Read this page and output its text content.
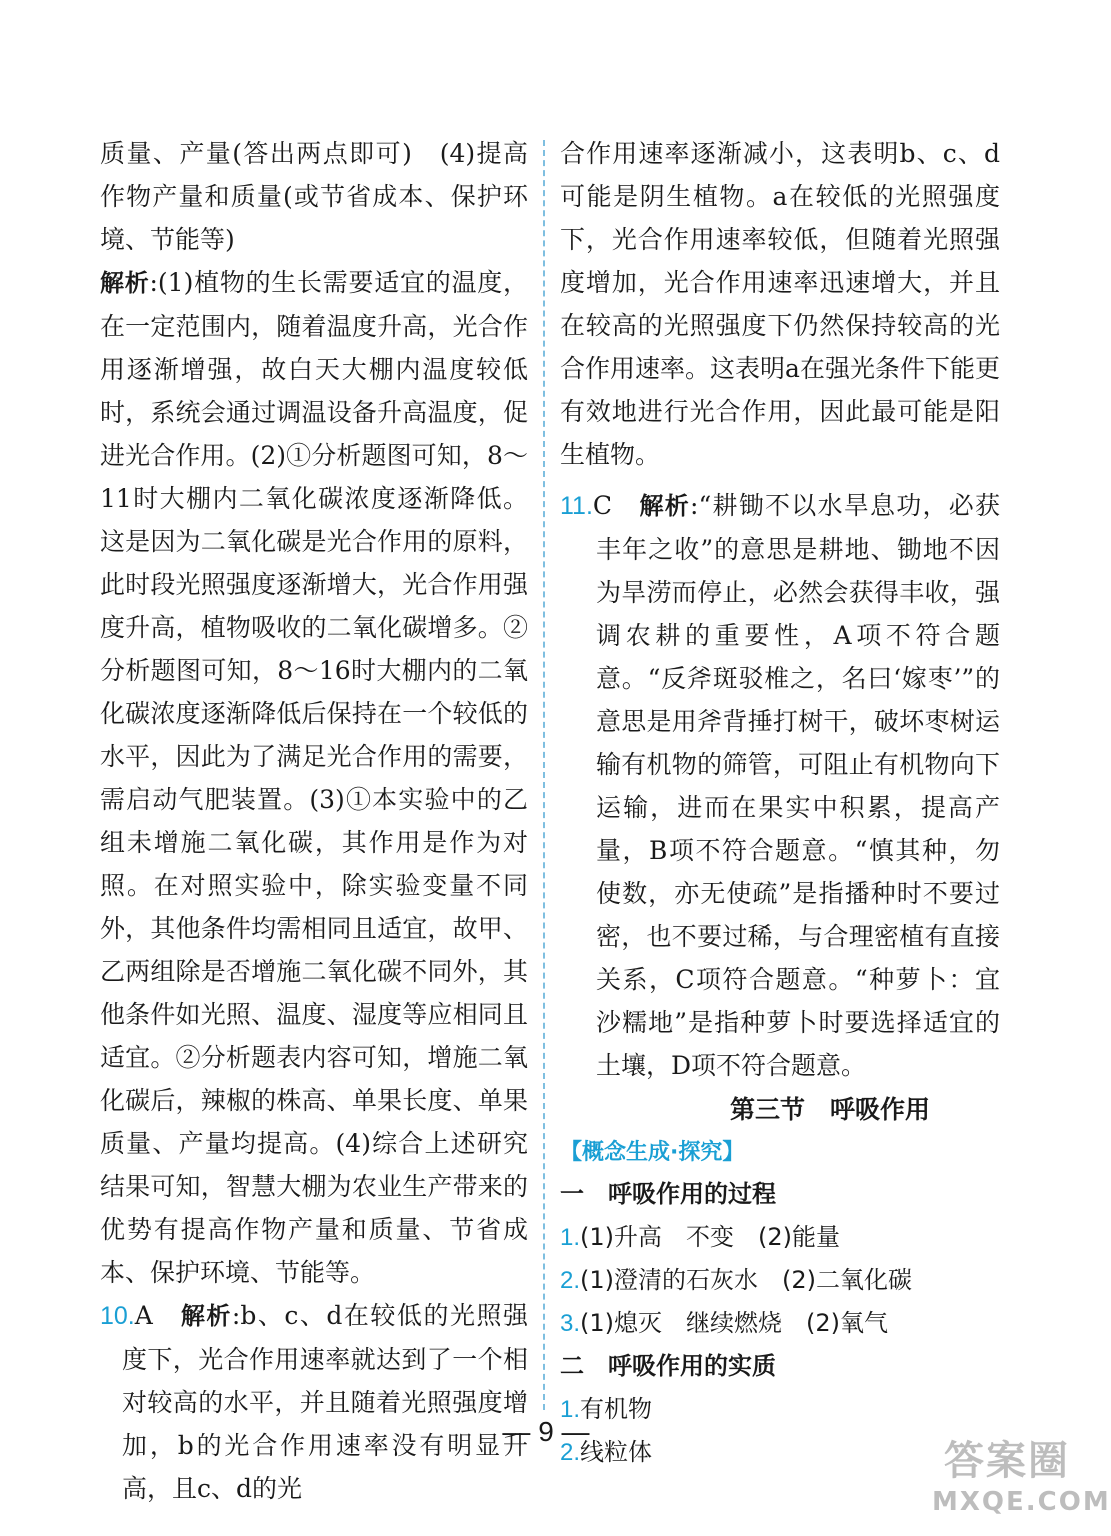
质量、产量(答出两点即可)　(4)提高作物产量和质量(或节省成本、保护环境、节能等)

解析:(1)植物的生长需要适宜的温度，在一定范围内，随着温度升高，光合作用逐渐增强，故白天大棚内温度较低时，系统会通过调温设备升高温度，促进光合作用。(2)①分析题图可知，8～11时大棚内二氧化碳浓度逐渐降低。这是因为二氧化碳是光合作用的原料，此时段光照强度逐渐增大，光合作用强度升高，植物吸收的二氧化碳增多。②分析题图可知，8～16时大棚内的二氧化碳浓度逐渐降低后保持在一个较低的水平，因此为了满足光合作用的需要，需启动气肥装置。(3)①本实验中的乙组未增施二氧化碳，其作用是作为对照。在对照实验中，除实验变量不同外，其他条件均需相同且适宜，故甲、乙两组除是否增施二氧化碳不同外，其他条件如光照、温度、湿度等应相同且适宜。②分析题表内容可知，增施二氧化碳后，辣椒的株高、单果长度、单果质量、产量均提高。(4)综合上述研究结果可知，智慧大棚为农业生产带来的优势有提高作物产量和质量、节省成本、保护环境、节能等。

10.A　 解析:b、c、d在较低的光照强度下，光合作用速率就达到了一个相对较高的水平，并且随着光照强度增加，b的光合作用速率没有明显升高，且c、d的光

合作用速率逐渐减小，这表明b、c、d可能是阴生植物。a在较低的光照强度下，光合作用速率较低，但随着光照强度增加，光合作用速率迅速增大，并且在较高的光照强度下仍然保持较高的光合作用速率。这表明a在强光条件下能更有效地进行光合作用，因此最可能是阳生植物。

11.C　 解析:“耕锄不以水旱息功，必获丰年之收”的意思是耕地、锄地不因为旱涝而停止，必然会获得丰收，强调农耕的重要性，A项不符合题意。“反斧斑驳椎之，名曰‘嫁枣’”的意思是用斧背捶打树干，破坏枣树运输有机物的筛管，可阻止有机物向下运输，进而在果实中积累，提高产量，B项不符合题意。“慎其种，勿使数，亦无使疏”是指播种时不要过密，也不要过稀，与合理密植有直接关系，C项符合题意。“种萝卜：宜沙糯地”是指种萝卜时要选择适宜的土壤，D项不符合题意。

第三节　呼吸作用
【概念生成·探究】
一　呼吸作用的过程
1.(1)升高　不变　(2)能量
2.(1)澄清的石灰水　(2)二氧化碳
3.(1)熄灭　继续燃烧　(2)氧气
二　呼吸作用的实质
1.有机物
2.线粒体
— 9 —
答案圈
MXQE.COM
